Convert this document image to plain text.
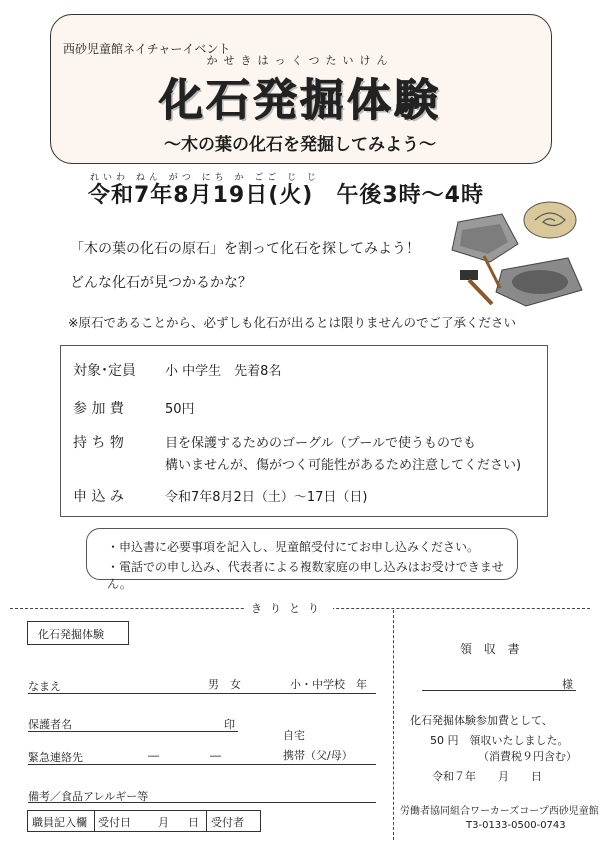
西砂児童館ネイチャーイベント
かせきはっくつたいけん
化石発掘体験
～木の葉の化石を発掘してみよう～
れいわ ねん がつ にち か ごご じ じ
令和7年8月19日(火)　午後3時～4時
「木の葉の化石の原石」を割って化石を探してみよう！
どんな化石が見つかるかな？
※原石であることから、必ずしも化石が出るとは限りませんのでご了承ください
対象･定員 小 中学生　先着8名
参 加 費	50円
持 ち 物	目を保護するためのゴーグル（プールで使うものでも
構いませんが、傷がつく可能性があるため注意してください)
申 込 み	令和7年8月2日（土）～17日（日)
・申込書に必要事項を記入し、児童館受付にてお申し込みください。
・電話での申し込み、代表者による複数家庭の申し込みはお受けできません。
きりとり
化石発掘体験
なまえ	男　女	小・中学校 年
保護者名	印
自宅
緊急連絡先	―	―	携帯（父/母）
備考／食品アレルギー等
職員記入欄 受付日 月 日 受付者
領 収 書
様
化石発掘体験参加費として、
50 円　領収いたしました。
（消費税９円含む）
令和７年　　月　　日
労働者協同組合ワーカーズコープ西砂児童館
T3-0133-0500-0743
